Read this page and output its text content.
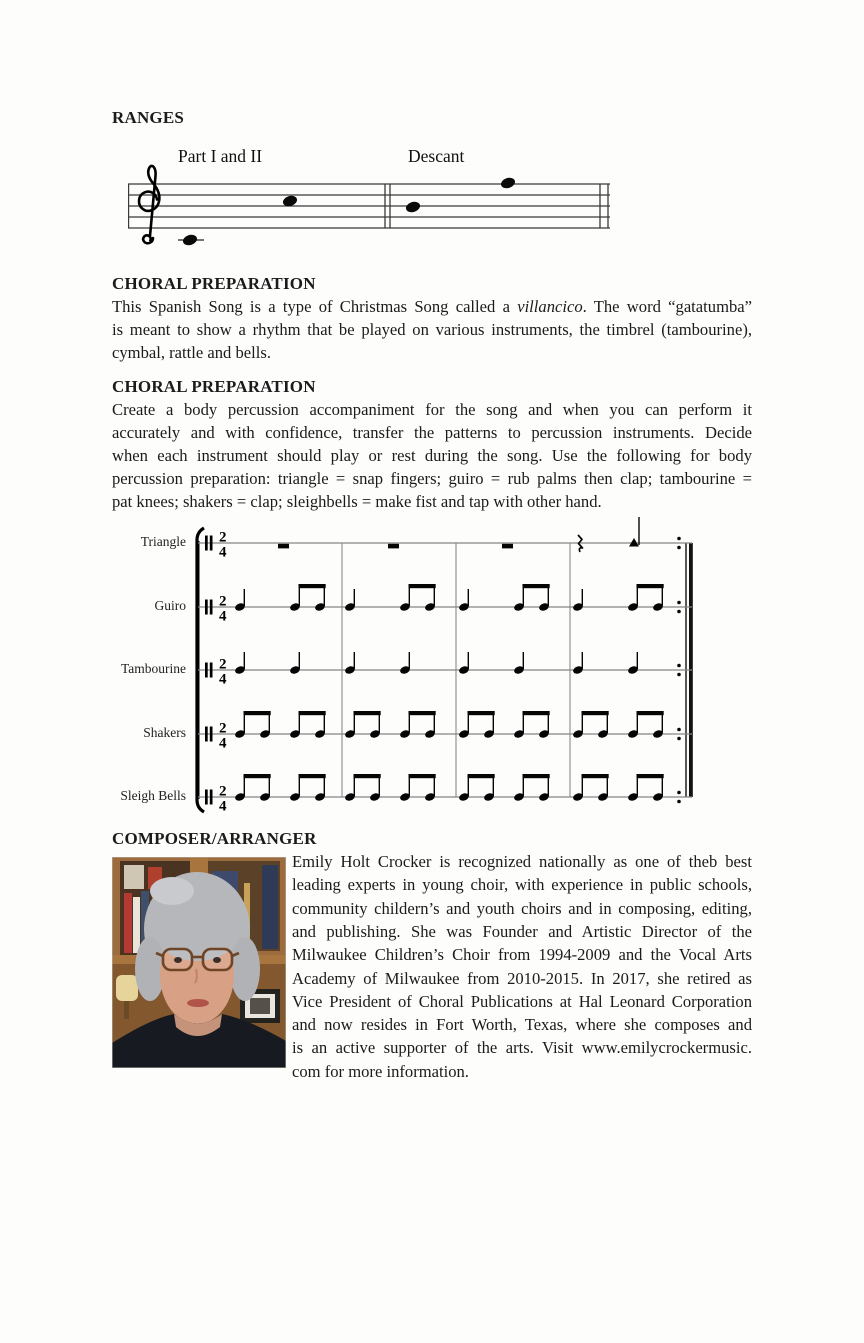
RANGES
Part I and II	Descant
CHORAL PREPARATION
This Spanish Song is a type of Christmas Song called a villancico. The word “gatatumba”
is meant to show a rhythm that be played on various instruments, the timbrel (tambourine),
cymbal, rattle and bells.
CHORAL PREPARATION
Create a body percussion accompaniment for the song and when you can perform it
accurately and with confidence, transfer the patterns to percussion instruments. Decide
when each instrument should play or rest during the song. Use the following for body
percussion preparation: triangle = snap fingers; guiro = rub palms then clap; tambourine =
pat knees; shakers = clap; sleighbells = make fist and tap with other hand.
Triangle
Guiro
Tambourine
Shakers
Sleigh Bells
2
4
2
4
2
4
2
4
2
4
COMPOSER/ARRANGER
Emily Holt Crocker is recognized nationally as one of theb best
leading experts in young choir, with experience in public schools,
community childern’s and youth choirs and in composing, editing,
and publishing. She was Founder and Artistic Director of the
Milwaukee Children’s Choir from 1994-2009 and the Vocal Arts
Academy of Milwaukee from 2010-2015. In 2017, she retired as
Vice President of Choral Publications at Hal Leonard Corporation
and now resides in Fort Worth, Texas, where she composes and
is an active supporter of the arts. Visit www.emilycrockermusic.
com for more information.
